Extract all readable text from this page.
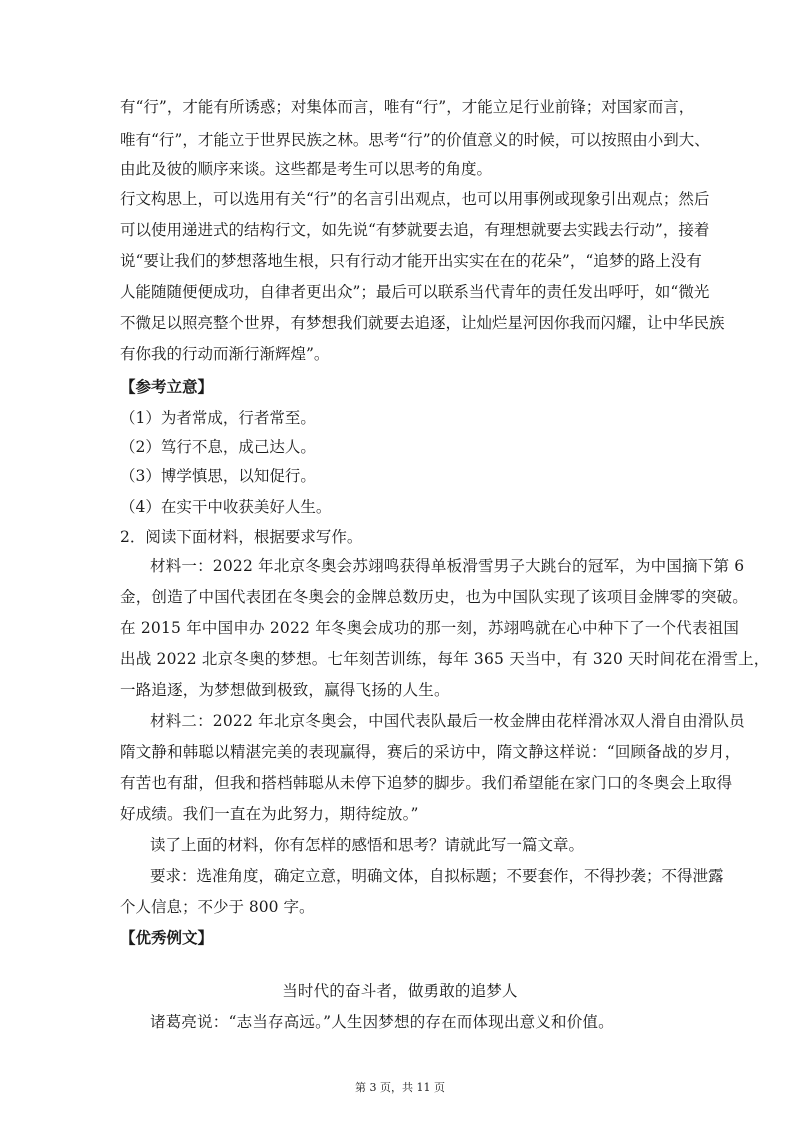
有“行”，才能有所诱惑；对集体而言，唯有“行”，才能立足行业前锋；对国家而言，
唯有“行”，才能立于世界民族之林。思考“行”的价值意义的时候，可以按照由小到大、
由此及彼的顺序来谈。这些都是考生可以思考的角度。
行文构思上，可以选用有关“行”的名言引出观点，也可以用事例或现象引出观点；然后
可以使用递进式的结构行文，如先说“有梦就要去追，有理想就要去实践去行动”，接着
说“要让我们的梦想落地生根，只有行动才能开出实实在在的花朵”，“追梦的路上没有
人能随随便便成功，自律者更出众”；最后可以联系当代青年的责任发出呼吁，如“微光
不微足以照亮整个世界，有梦想我们就要去追逐，让灿烂星河因你我而闪耀，让中华民族
有你我的行动而渐行渐辉煌”。
【参考立意】
（1）为者常成，行者常至。
（2）笃行不息，成己达人。
（3）博学慎思，以知促行。
（4）在实干中收获美好人生。
2．阅读下面材料，根据要求写作。
材料一：2022 年北京冬奥会苏翊鸣获得单板滑雪男子大跳台的冠军，为中国摘下第 6
金，创造了中国代表团在冬奥会的金牌总数历史，也为中国队实现了该项目金牌零的突破。
在 2015 年中国申办 2022 年冬奥会成功的那一刻，苏翊鸣就在心中种下了一个代表祖国
出战 2022 北京冬奥的梦想。七年刻苦训练，每年 365 天当中，有 320 天时间花在滑雪上，
一路追逐，为梦想做到极致，赢得飞扬的人生。
材料二：2022 年北京冬奥会，中国代表队最后一枚金牌由花样滑冰双人滑自由滑队员
隋文静和韩聪以精湛完美的表现赢得，赛后的采访中，隋文静这样说：“回顾备战的岁月，
有苦也有甜，但我和搭档韩聪从未停下追梦的脚步。我们希望能在家门口的冬奥会上取得
好成绩。我们一直在为此努力，期待绽放。”
读了上面的材料，你有怎样的感悟和思考？请就此写一篇文章。
要求：选准角度，确定立意，明确文体，自拟标题；不要套作，不得抄袭；不得泄露
个人信息；不少于 800 字。
【优秀例文】
当时代的奋斗者，做勇敢的追梦人
诸葛亮说：“志当存高远。”人生因梦想的存在而体现出意义和价值。
第 3 页，共 11 页
